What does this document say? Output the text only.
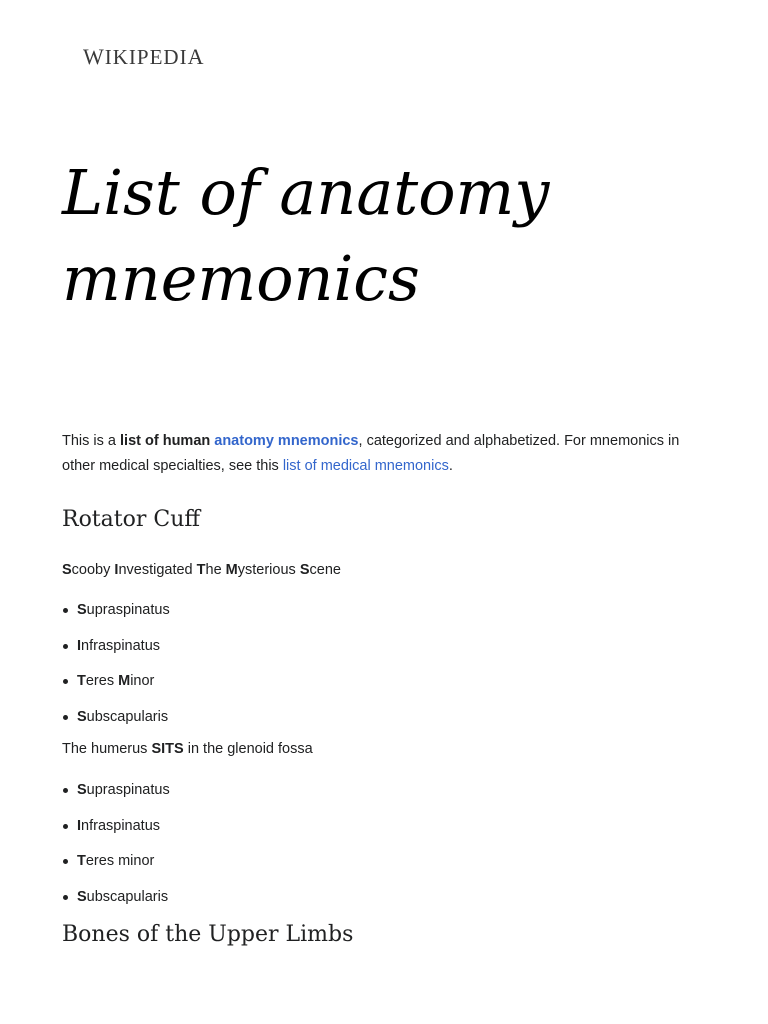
WIKIPEDIA
List of anatomy
mnemonics

This is a list of human anatomy mnemonics, categorized and alphabetized. For mnemonics in other medical specialties, see this list of medical mnemonics.

Rotator Cuff

Scooby Investigated The Mysterious Scene

Supraspinatus
Infraspinatus
Teres Minor
Subscapularis

The humerus SITS in the glenoid fossa

Supraspinatus
Infraspinatus
Teres minor
Subscapularis
Bones of the Upper Limbs
